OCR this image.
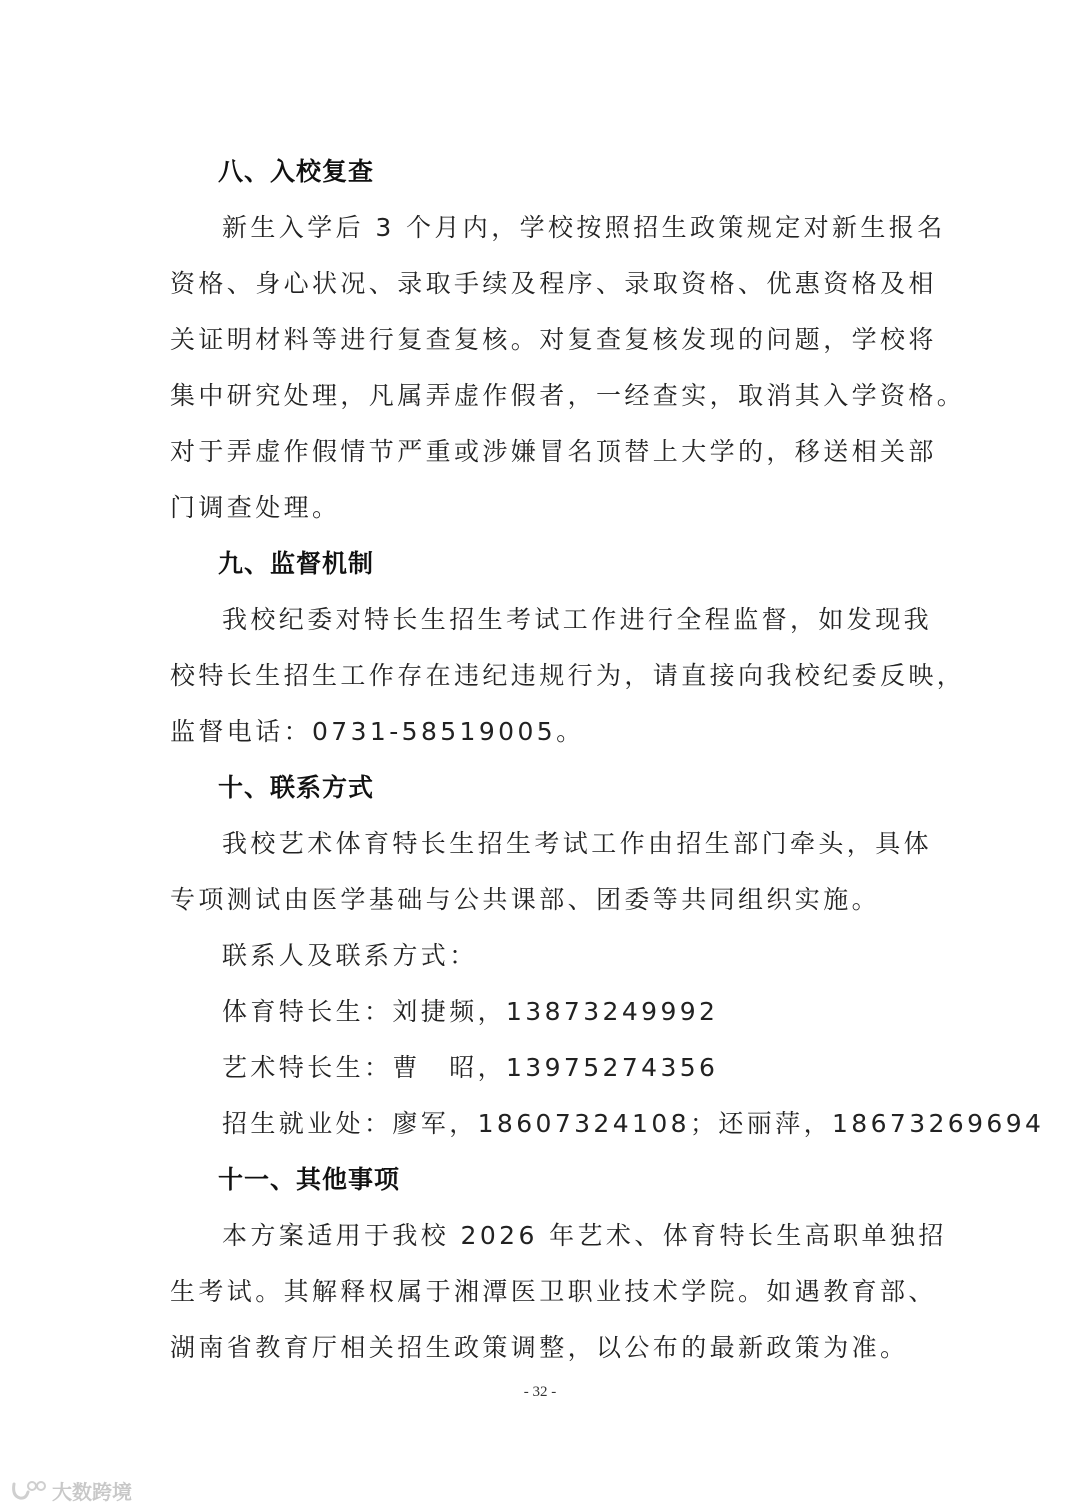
八、入校复查
新生入学后 3 个月内，学校按照招生政策规定对新生报名
资格、身心状况、录取手续及程序、录取资格、优惠资格及相
关证明材料等进行复查复核。对复查复核发现的问题，学校将
集中研究处理，凡属弄虚作假者，一经查实，取消其入学资格。
对于弄虚作假情节严重或涉嫌冒名顶替上大学的，移送相关部
门调查处理。
九、监督机制
我校纪委对特长生招生考试工作进行全程监督，如发现我
校特长生招生工作存在违纪违规行为，请直接向我校纪委反映，
监督电话：0731-58519005。
十、联系方式
我校艺术体育特长生招生考试工作由招生部门牵头，具体
专项测试由医学基础与公共课部、团委等共同组织实施。
联系人及联系方式：
体育特长生：刘捷频，13873249992
艺术特长生：曹　昭，13975274356
招生就业处：廖军，18607324108；还丽萍，18673269694
十一、其他事项
本方案适用于我校 2026 年艺术、体育特长生高职单独招
生考试。其解释权属于湘潭医卫职业技术学院。如遇教育部、
湖南省教育厅相关招生政策调整，以公布的最新政策为准。
- 32 -
大数跨境
